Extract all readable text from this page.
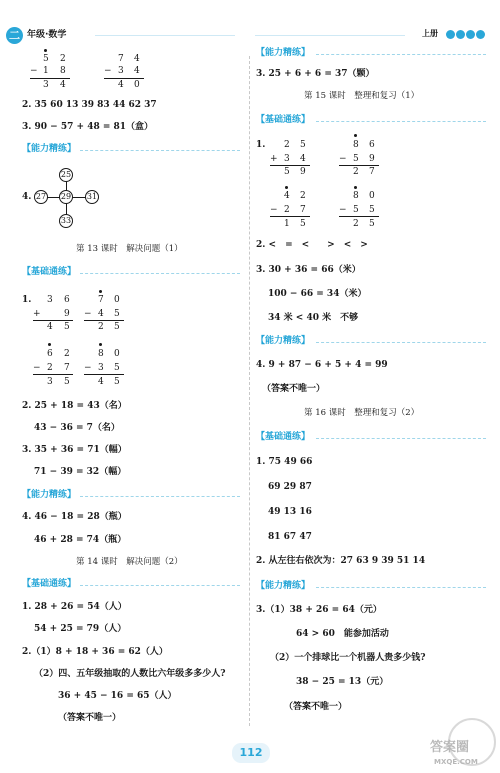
二 年级·数学	上册
5 2
− 1 8
3 4
7 4
− 3 4
4 0
2. 35 60 13 39 83 44 62 37
3. 90 − 57 + 48 = 81（盒）
【能力精练】
4.
25
27 29 31
33
第 13 课时　解决问题（1）
【基础通练】
1. 3 6
+	9
4 5
7 0
− 4 5
2 5
6 2
− 2 7
3 5
8 0
− 3 5
4 5
2. 25 + 18 = 43（名）
43 − 36 = 7（名）
3. 35 + 36 = 71（幅）
71 − 39 = 32（幅）
【能力精练】
4. 46 − 18 = 28（瓶）
46 + 28 = 74（瓶）
第 14 课时　解决问题（2）
【基础通练】
1. 28 + 26 = 54（人）
54 + 25 = 79（人）
2.（1）8 + 18 + 36 = 62（人）
（2）四、五年级抽取的人数比六年级多多少人?
36 + 45 − 16 = 65（人）
（答案不唯一）
【能力精练】
3. 25 + 6 + 6 = 37（颗）
第 15 课时　整理和复习（1）
【基础通练】
1. 2 5
+ 3 4
5 9
8 6
− 5 9
2 7
4 2
− 2 7
1 5
8 0
− 5 5
2 5
2. <　=　<　　>　<　>
3. 30 + 36 = 66（米）
100 − 66 = 34（米）
34 米 < 40 米　不够
【能力精练】
4. 9 + 87 − 6 + 5 + 4 = 99
（答案不唯一）
第 16 课时　整理和复习（2）
【基础通练】
1. 75 49 66
69 29 87
49 13 16
81 67 47
2. 从左往右依次为：27 63 9 39 51 14
【能力精练】
3.（1）38 + 26 = 64（元）
64 > 60　能参加活动
（2）一个排球比一个机器人贵多少钱?
38 − 25 = 13（元）
（答案不唯一）
112	答案圈
MXQE.COM
